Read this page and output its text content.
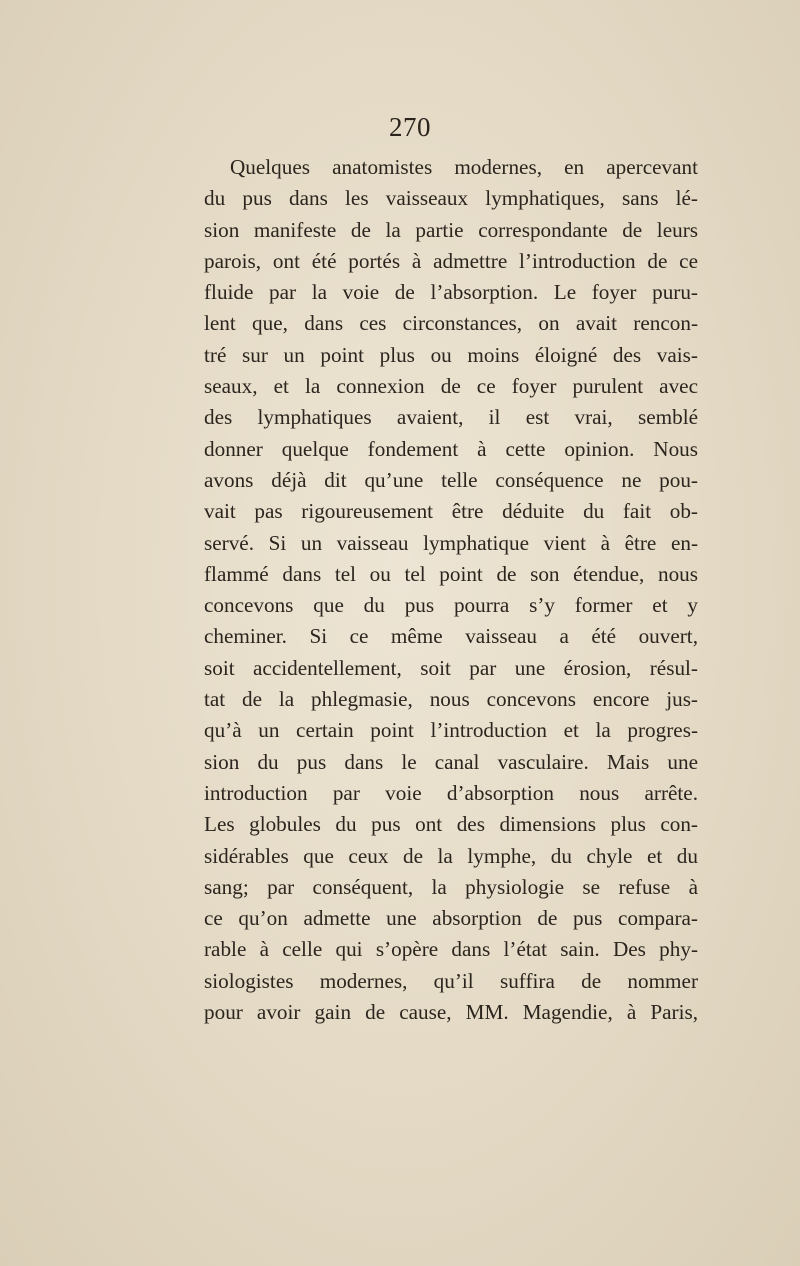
270
Quelques anatomistes modernes, en apercevant
du pus dans les vaisseaux lymphatiques, sans lé-
sion manifeste de la partie correspondante de leurs
parois, ont été portés à admettre l’introduction de ce
fluide par la voie de l’absorption. Le foyer puru-
lent que, dans ces circonstances, on avait rencon-
tré sur un point plus ou moins éloigné des vais-
seaux, et la connexion de ce foyer purulent avec
des lymphatiques avaient, il est vrai, semblé
donner quelque fondement à cette opinion. Nous
avons déjà dit qu’une telle conséquence ne pou-
vait pas rigoureusement être déduite du fait ob-
servé. Si un vaisseau lymphatique vient à être en-
flammé dans tel ou tel point de son étendue, nous
concevons que du pus pourra s’y former et y
cheminer. Si ce même vaisseau a été ouvert,
soit accidentellement, soit par une érosion, résul-
tat de la phlegmasie, nous concevons encore jus-
qu’à un certain point l’introduction et la progres-
sion du pus dans le canal vasculaire. Mais une
introduction par voie d’absorption nous arrête.
Les globules du pus ont des dimensions plus con-
sidérables que ceux de la lymphe, du chyle et du
sang; par conséquent, la physiologie se refuse à
ce qu’on admette une absorption de pus compara-
rable à celle qui s’opère dans l’état sain. Des phy-
siologistes modernes, qu’il suffira de nommer
pour avoir gain de cause, MM. Magendie, à Paris,
